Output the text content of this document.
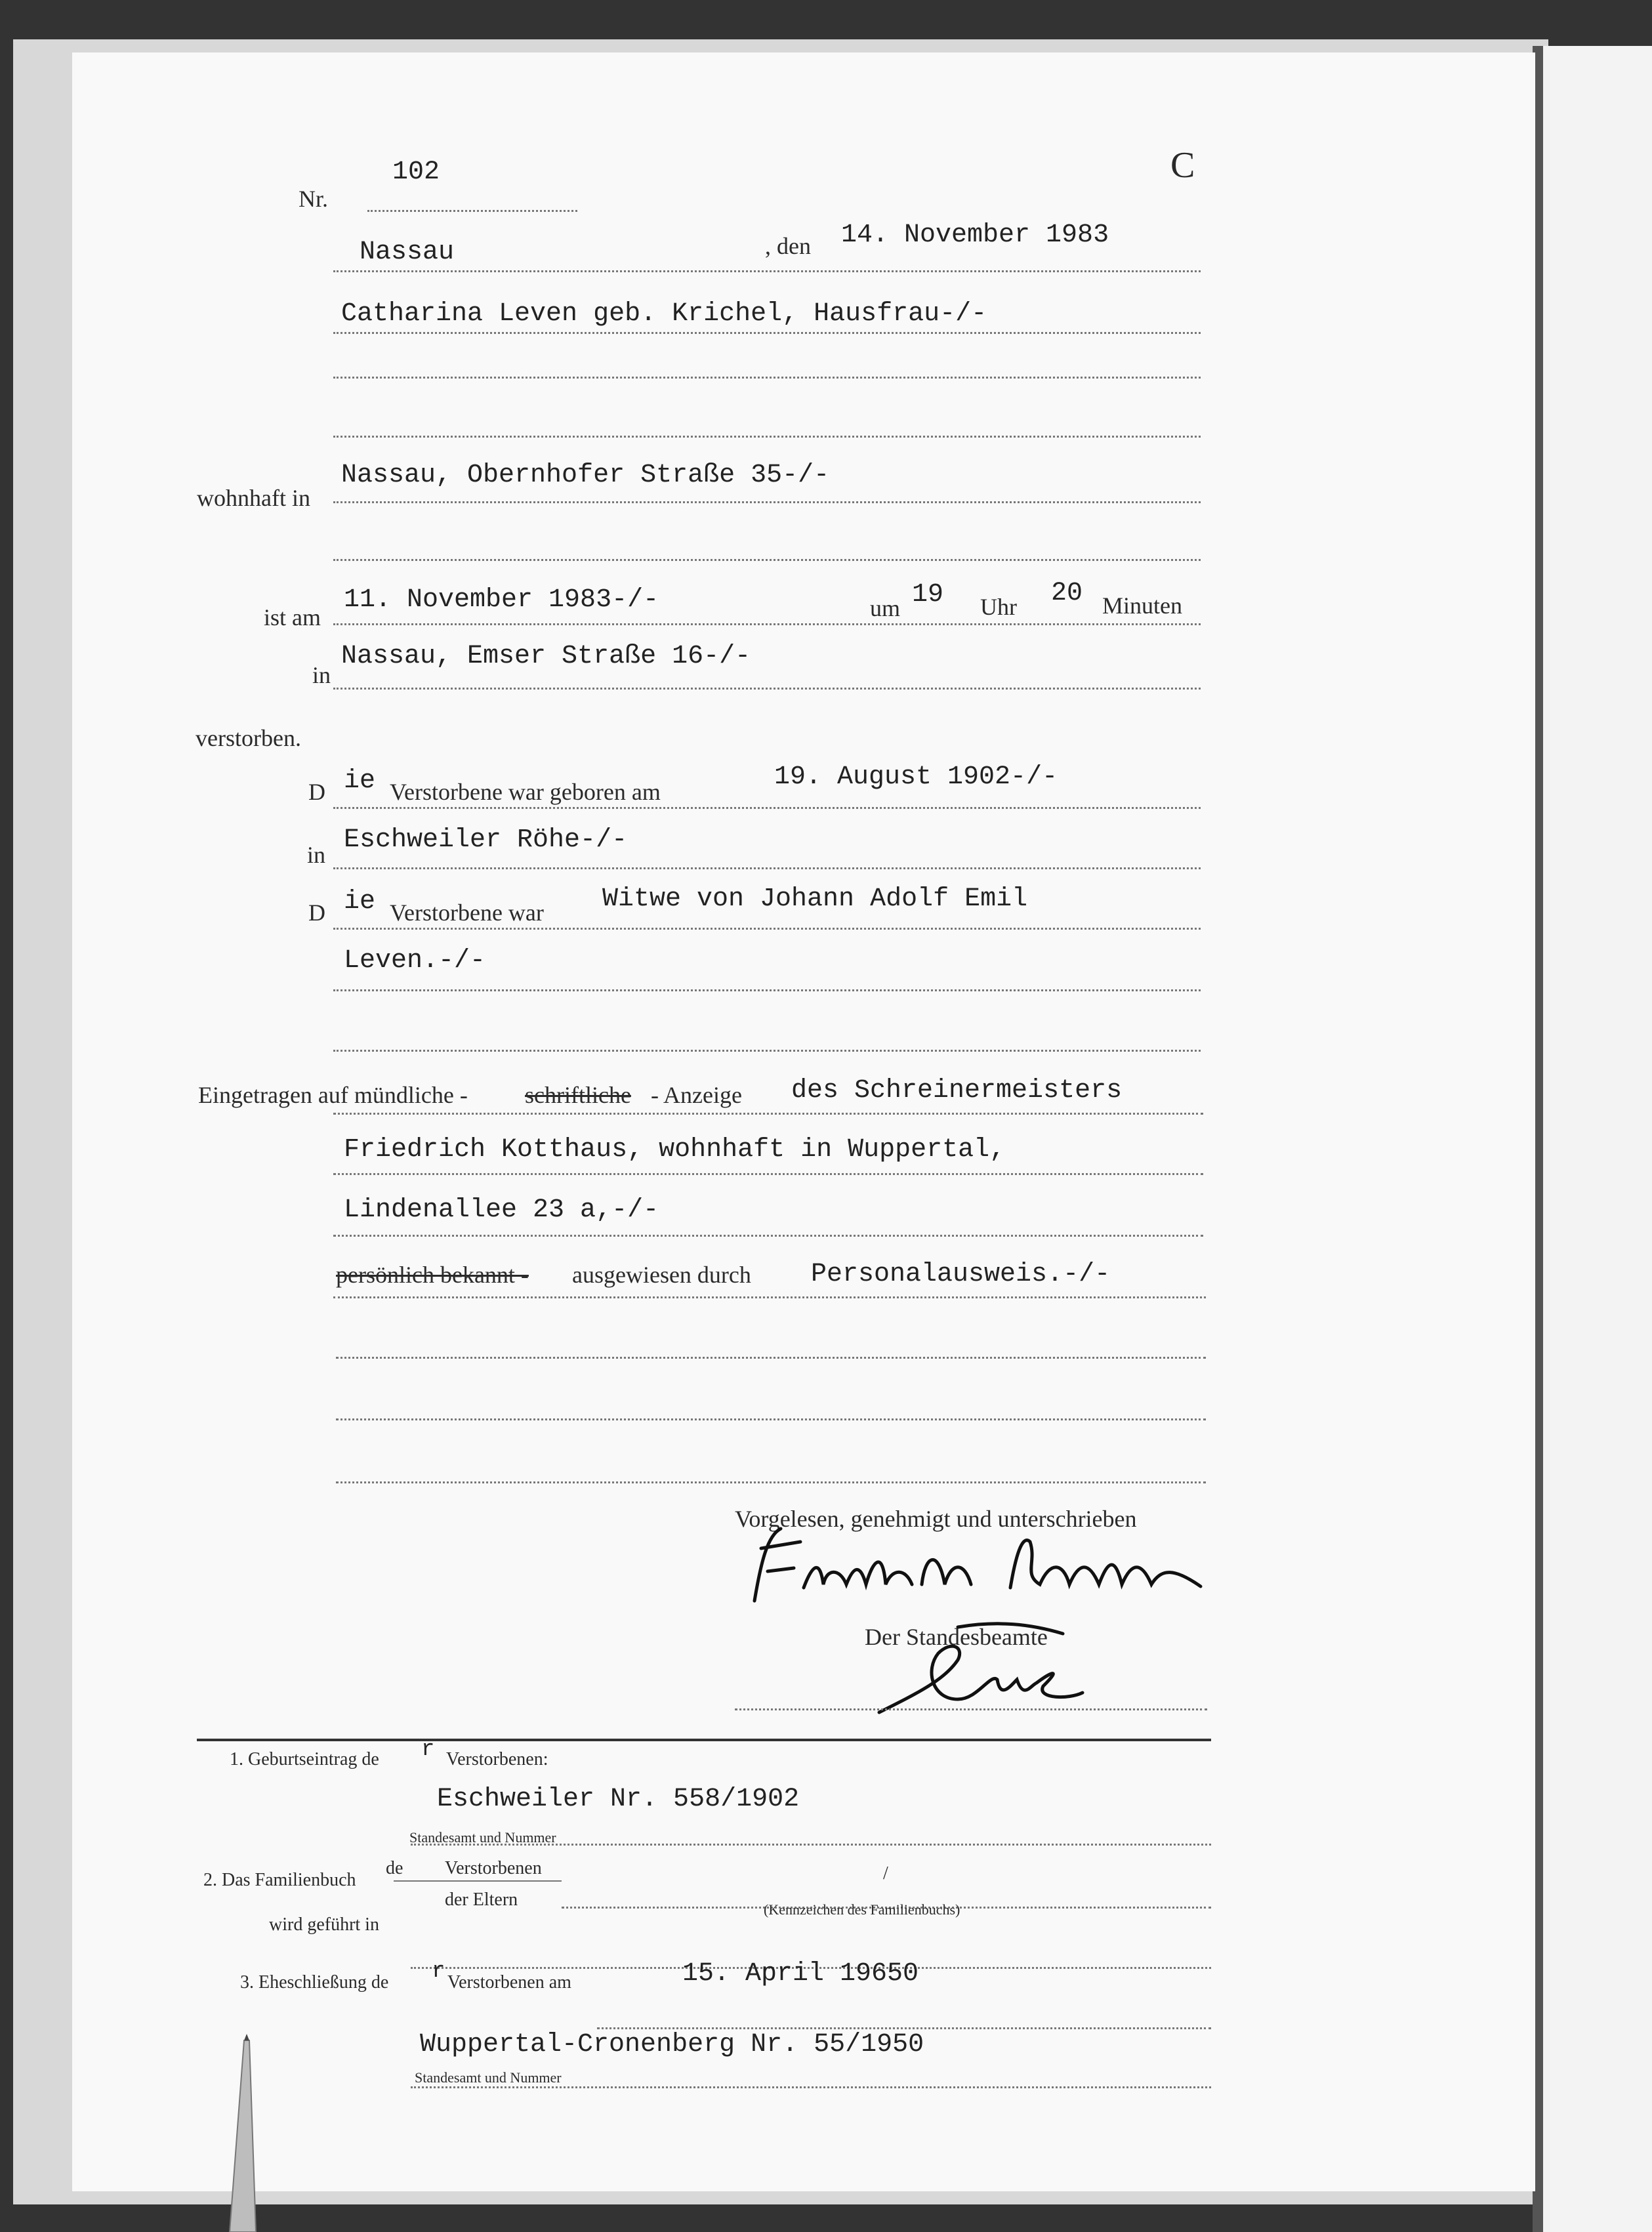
Nr.
102	C
Nassau	, den 14. November 1983
Catharina Leven geb. Krichel, Hausfrau-/-
wohnhaft in
Nassau, Obernhofer Straße 35-/-
ist am
11. November 1983-/-	um 19 Uhr 20 Minuten
in
Nassau, Emser Straße 16-/-
verstorben.
D ie Verstorbene war geboren am	19. August 1902-/-
in Eschweiler Röhe-/-
D ie Verstorbene war Witwe von Johann Adolf Emil
Leven.-/-
Eingetragen auf mündliche - schriftliche - Anzeige des Schreinermeisters
Friedrich Kotthaus, wohnhaft in Wuppertal,
Lindenallee 23 a,-/-
persönlich bekannt - ausgewiesen durch Personalausweis.-/-
Vorgelesen, genehmigt und unterschrieben
Der Standesbeamte
1. Geburtseintrag de r Verstorbenen:
Eschweiler Nr. 558/1902
Standesamt und Nummer
2. Das Familienbuch
de Verstorbenen
der Eltern
/
(Kennzeichen des Familienbuchs)
wird geführt in
3. Eheschließung de r Verstorbenen am	15. April 19650
Wuppertal-Cronenberg Nr. 55/1950
Standesamt und Nummer
